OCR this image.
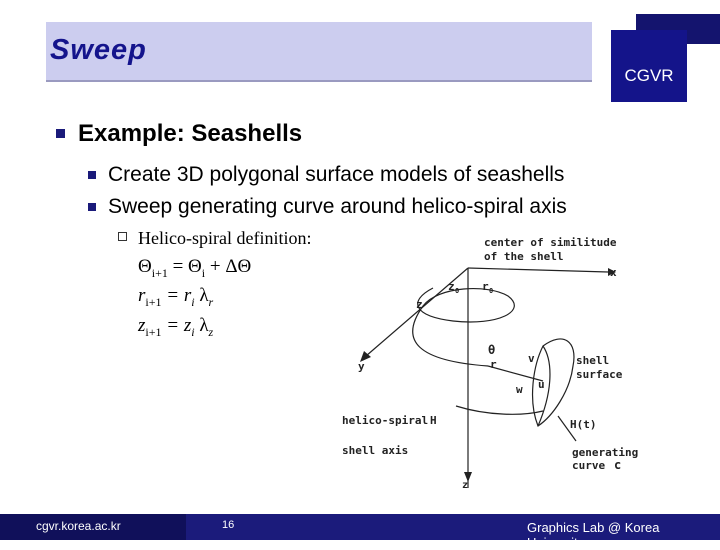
Sweep
CGVR
Example: Seashells
Create 3D polygonal surface models of seashells
Sweep generating curve around helico-spiral axis
Helico-spiral definition:
$\Theta_{i+1} = \Theta_i + \Delta\Theta$
$r_{i+1} = r_i$ $\lambda_r$
$z_{i+1} = z_i$ $\lambda_z$
center of similitude
of the shell
x
z
z 0 r 0
θ
v
r
u
w
y	shell
surface
helico-spiral H	H(t)
shell axis	generating
curve c
z
cgvr.korea.ac.kr	16	Graphics Lab @ Korea University
